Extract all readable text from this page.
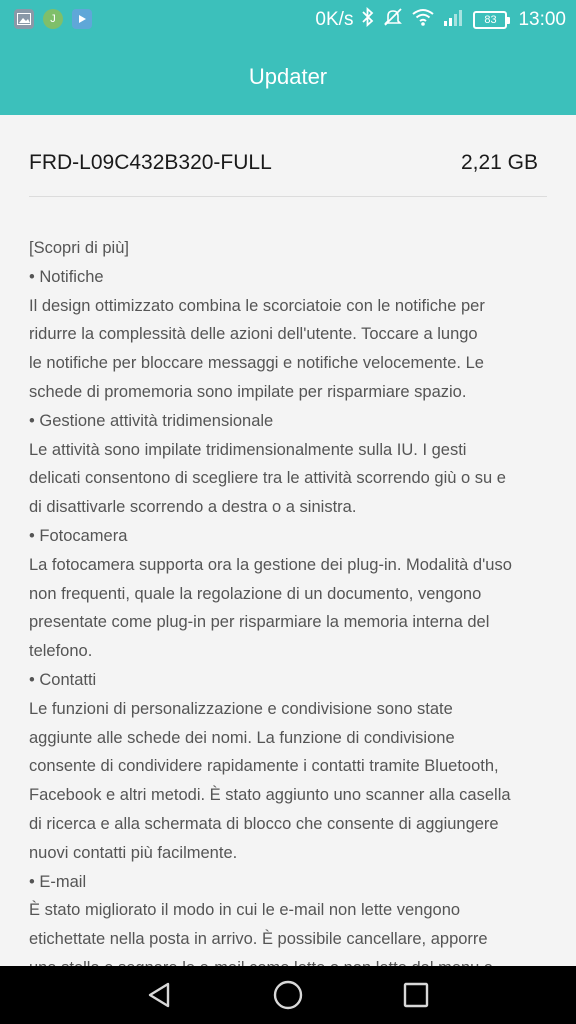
J	0K/s	83	13:00
Updater
FRD-L09C432B320-FULL	2,21 GB
[Scopri di più]
• Notifiche
Il design ottimizzato combina le scorciatoie con le notifiche per
ridurre la complessità delle azioni dell'utente. Toccare a lungo
le notifiche per bloccare messaggi e notifiche velocemente. Le
schede di promemoria sono impilate per risparmiare spazio.
• Gestione attività tridimensionale
Le attività sono impilate tridimensionalmente sulla IU. I gesti
delicati consentono di scegliere tra le attività scorrendo giù o su e
di disattivarle scorrendo a destra o a sinistra.
• Fotocamera
La fotocamera supporta ora la gestione dei plug-in. Modalità d'uso
non frequenti, quale la regolazione di un documento, vengono
presentate come plug-in per risparmiare la memoria interna del
telefono.
• Contatti
Le funzioni di personalizzazione e condivisione sono state
aggiunte alle schede dei nomi. La funzione di condivisione
consente di condividere rapidamente i contatti tramite Bluetooth,
Facebook e altri metodi. È stato aggiunto uno scanner alla casella
di ricerca e alla schermata di blocco che consente di aggiungere
nuovi contatti più facilmente.
• E-mail
È stato migliorato il modo in cui le e-mail non lette vengono
etichettate nella posta in arrivo. È possibile cancellare, apporre
